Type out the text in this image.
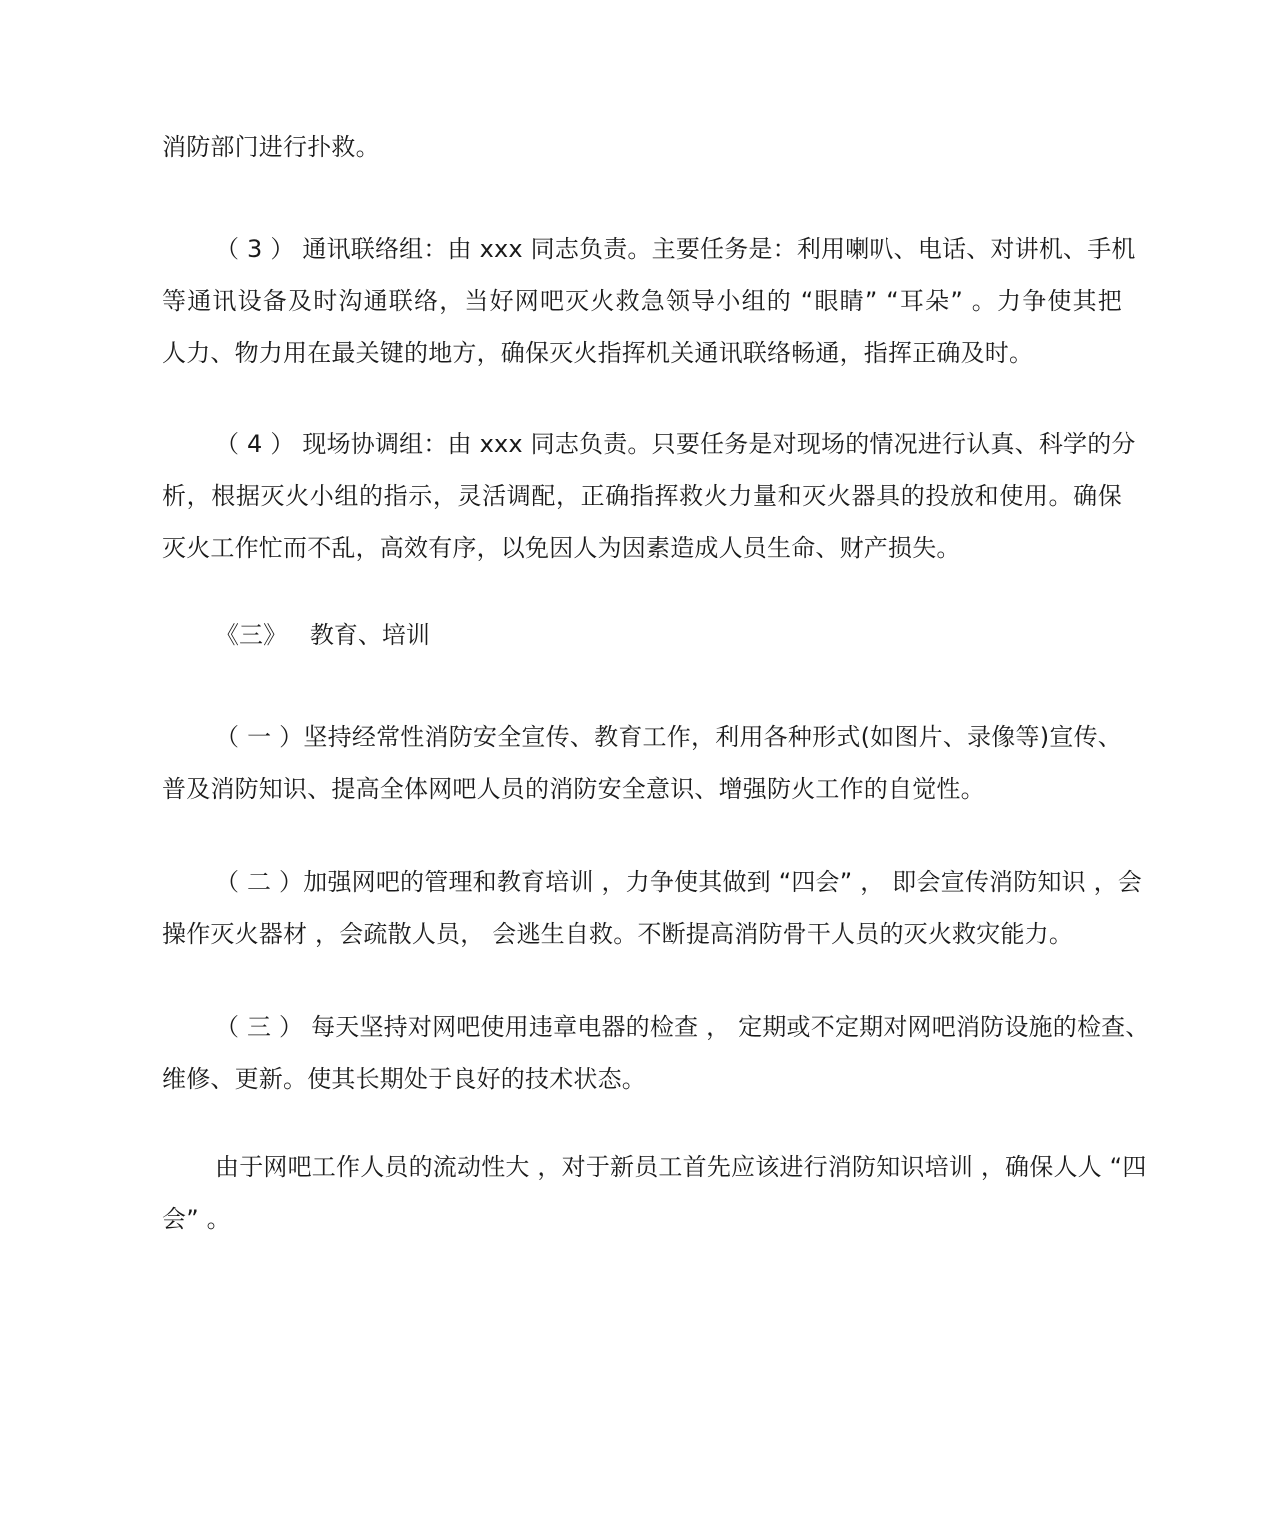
消防部门进行扑救。
（ 3 ） 通讯联络组：由 xxx 同志负责。主要任务是：利用喇叭、电话、对讲机、手机
等通讯设备及时沟通联络，当好网吧灭火救急领导小组的 “眼睛” “耳朵” 。力争使其把
人力、物力用在最关键的地方，确保灭火指挥机关通讯联络畅通，指挥正确及时。
（ 4 ） 现场协调组：由 xxx 同志负责。只要任务是对现场的情况进行认真、科学的分
析，根据灭火小组的指示，灵活调配，正确指挥救火力量和灭火器具的投放和使用。确保
灭火工作忙而不乱，高效有序，以免因人为因素造成人员生命、财产损失。
《三》 教育、培训
（ 一 ）坚持经常性消防安全宣传、教育工作，利用各种形式(如图片、录像等)宣传、
普及消防知识、提高全体网吧人员的消防安全意识、增强防火工作的自觉性。
（ 二 ）加强网吧的管理和教育培训 ，力争使其做到 “四会” ， 即会宣传消防知识 ，会
操作灭火器材 ，会疏散人员， 会逃生自救。不断提高消防骨干人员的灭火救灾能力。
（ 三 ） 每天坚持对网吧使用违章电器的检查 ， 定期或不定期对网吧消防设施的检查、
维修、更新。使其长期处于良好的技术状态。
由于网吧工作人员的流动性大 ，对于新员工首先应该进行消防知识培训 ，确保人人 “四
会” 。
